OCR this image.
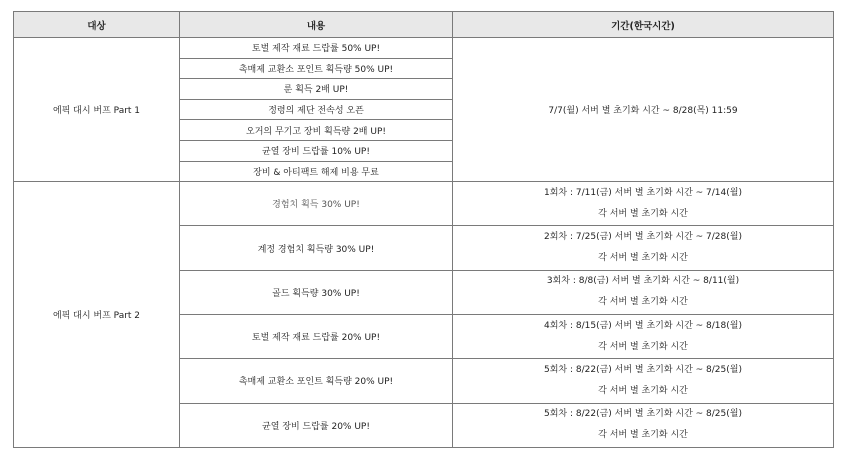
대상	내용	기간(한국시간)
에픽 대시 버프 Part 1	토벌 제작 재료 드랍률 50% UP!	7/7(월) 서버 별 초기화 시간 ~ 8/28(목) 11:59
	촉매제 교환소 포인트 획득량 50% UP!	
	룬 획득 2배 UP!	
	정령의 제단 전속성 오픈	
	오거의 무기고 장비 획득량 2배 UP!	
	균열 장비 드랍률 10% UP!	
	장비 & 아티팩트 해제 비용 무료	
에픽 대시 버프 Part 2	경험치 획득 30% UP!	1회차 : 7/11(금) 서버 별 초기화 시간 ~ 7/14(월)
각 서버 별 초기화 시간

	계정 경험치 획득량 30% UP!	2회차 : 7/25(금) 서버 별 초기화 시간 ~ 7/28(월)
각 서버 별 초기화 시간

	골드 획득량 30% UP!	3회차 : 8/8(금) 서버 별 초기화 시간 ~ 8/11(월)
각 서버 별 초기화 시간

	토벌 제작 재료 드랍률 20% UP!	4회차 : 8/15(금) 서버 별 초기화 시간 ~ 8/18(월)
각 서버 별 초기화 시간

	촉매제 교환소 포인트 획득량 20% UP!	5회차 : 8/22(금) 서버 별 초기화 시간 ~ 8/25(월)
각 서버 별 초기화 시간

	균열 장비 드랍률 20% UP!	5회차 : 8/22(금) 서버 별 초기화 시간 ~ 8/25(월)
각 서버 별 초기화 시간
